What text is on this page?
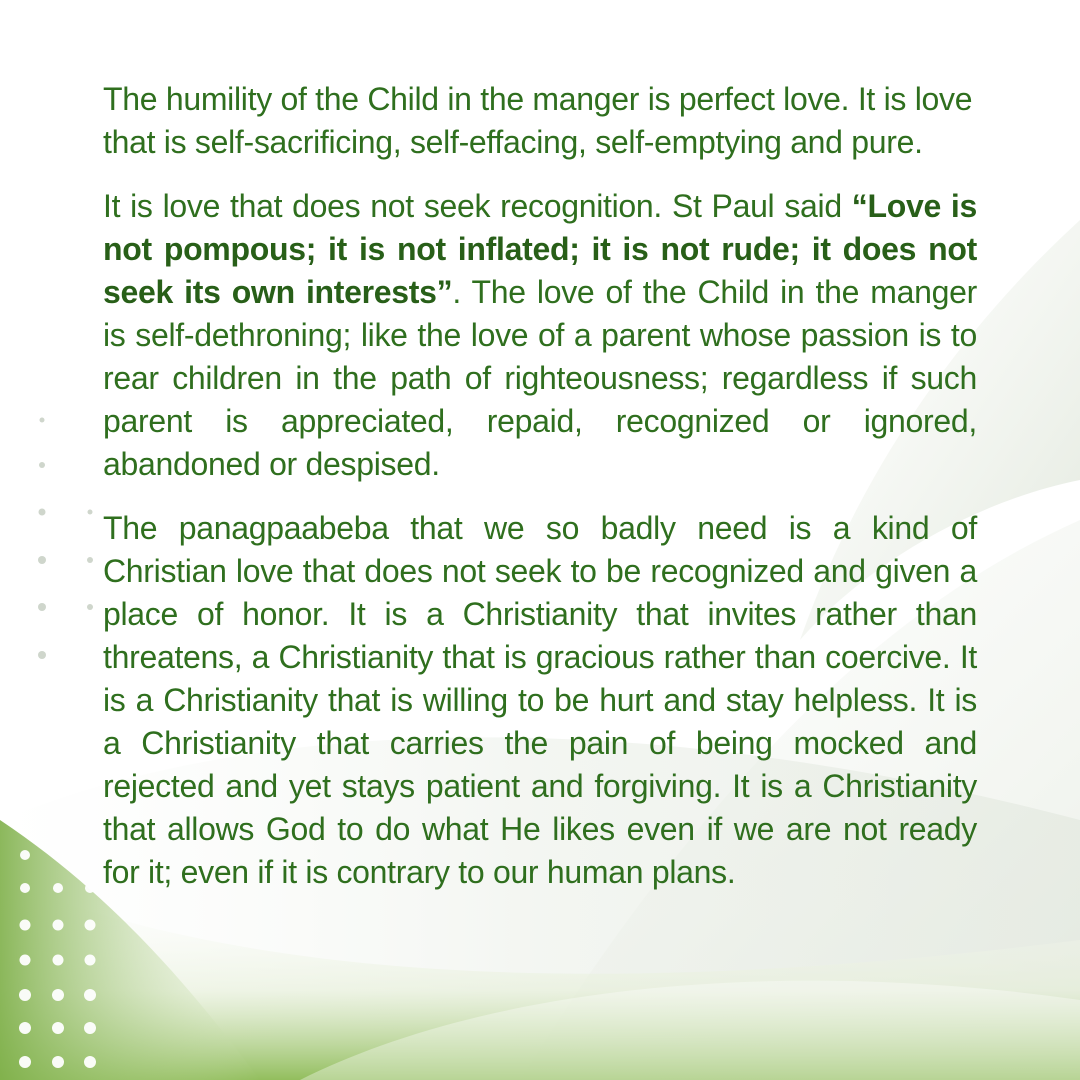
The humility of the Child in the manger is perfect love. It is love that is self-sacrificing, self-effacing, self-emptying and pure.

It is love that does not seek recognition. St Paul said “Love is not pompous; it is not inflated; it is not rude; it does not seek its own interests”. The love of the Child in the manger is self-dethroning; like the love of a parent whose passion is to rear children in the path of righteousness; regardless if such parent is appreciated, repaid, recognized or ignored, abandoned or despised.

The panagpaabeba that we so badly need is a kind of Christian love that does not seek to be recognized and given a place of honor. It is a Christianity that invites rather than threatens, a Christianity that is gracious rather than coercive. It is a Christianity that is willing to be hurt and stay helpless. It is a Christianity that carries the pain of being mocked and rejected and yet stays patient and forgiving. It is a Christianity that allows God to do what He likes even if we are not ready for it; even if it is contrary to our human plans.
